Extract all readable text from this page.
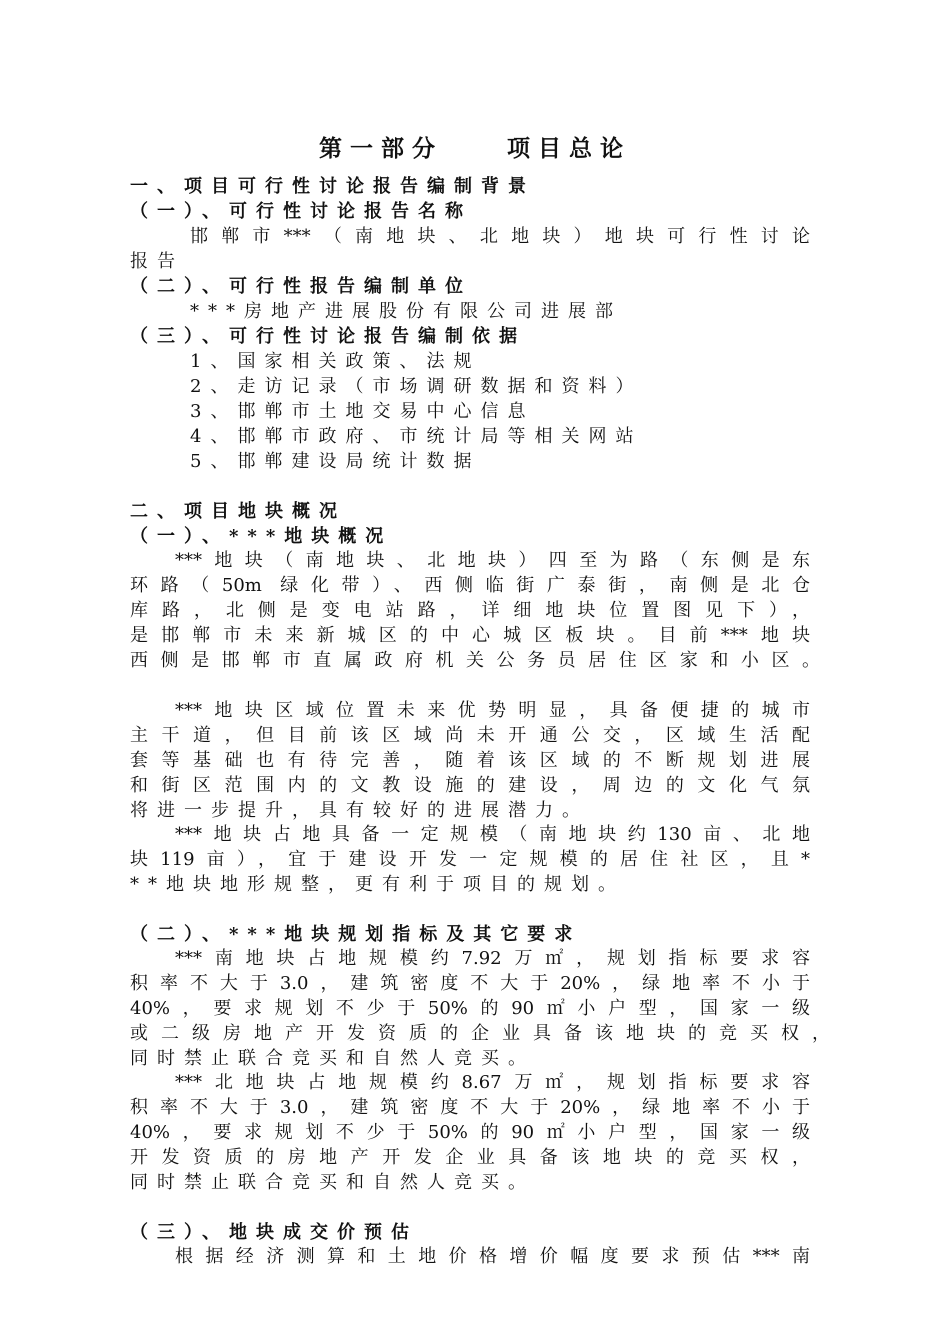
第一部分    项目总论
一、项目可行性讨论报告编制背景
（一）、可行性讨论报告名称
邯郸市***（南地块、北地块）地块可行性讨论
报告
（二）、可行性报告编制单位
***房地产进展股份有限公司进展部
（三）、可行性讨论报告编制依据
1、国家相关政策、法规
2、走访记录（市场调研数据和资料）
3、邯郸市土地交易中心信息
4、邯郸市政府、市统计局等相关网站
5、邯郸建设局统计数据
二、项目地块概况
（一）、***地块概况
***地块（南地块、北地块）四至为路（东侧是东
环路（50m 绿化带）、西侧临街广泰街，南侧是北仓
库路，北侧是变电站路，详细地块位置图见下），
是邯郸市未来新城区的中心城区板块。目前***地块
西侧是邯郸市直属政府机关公务员居住区家和小区。
***地块区域位置未来优势明显，具备便捷的城市
主干道，但目前该区域尚未开通公交，区域生活配
套等基础也有待完善，随着该区域的不断规划进展
和街区范围内的文教设施的建设，周边的文化气氛
将进一步提升，具有较好的进展潜力。
***地块占地具备一定规模（南地块约130亩、北地
块119亩），宜于建设开发一定规模的居住社区，且*
**地块地形规整，更有利于项目的规划。
（二）、***地块规划指标及其它要求
***南地块占地规模约7.92万㎡，规划指标要求容
积率不大于3.0，建筑密度不大于20%，绿地率不小于
40%，要求规划不少于50%的90㎡小户型，国家一级
或二级房地产开发资质的企业具备该地块的竞买权，
同时禁止联合竞买和自然人竞买。
***北地块占地规模约8.67万㎡，规划指标要求容
积率不大于3.0，建筑密度不大于20%，绿地率不小于
40%，要求规划不少于50%的90㎡小户型，国家一级
开发资质的房地产开发企业具备该地块的竞买权，
同时禁止联合竞买和自然人竞买。
（三）、地块成交价预估
根据经济测算和土地价格增价幅度要求预估***南
